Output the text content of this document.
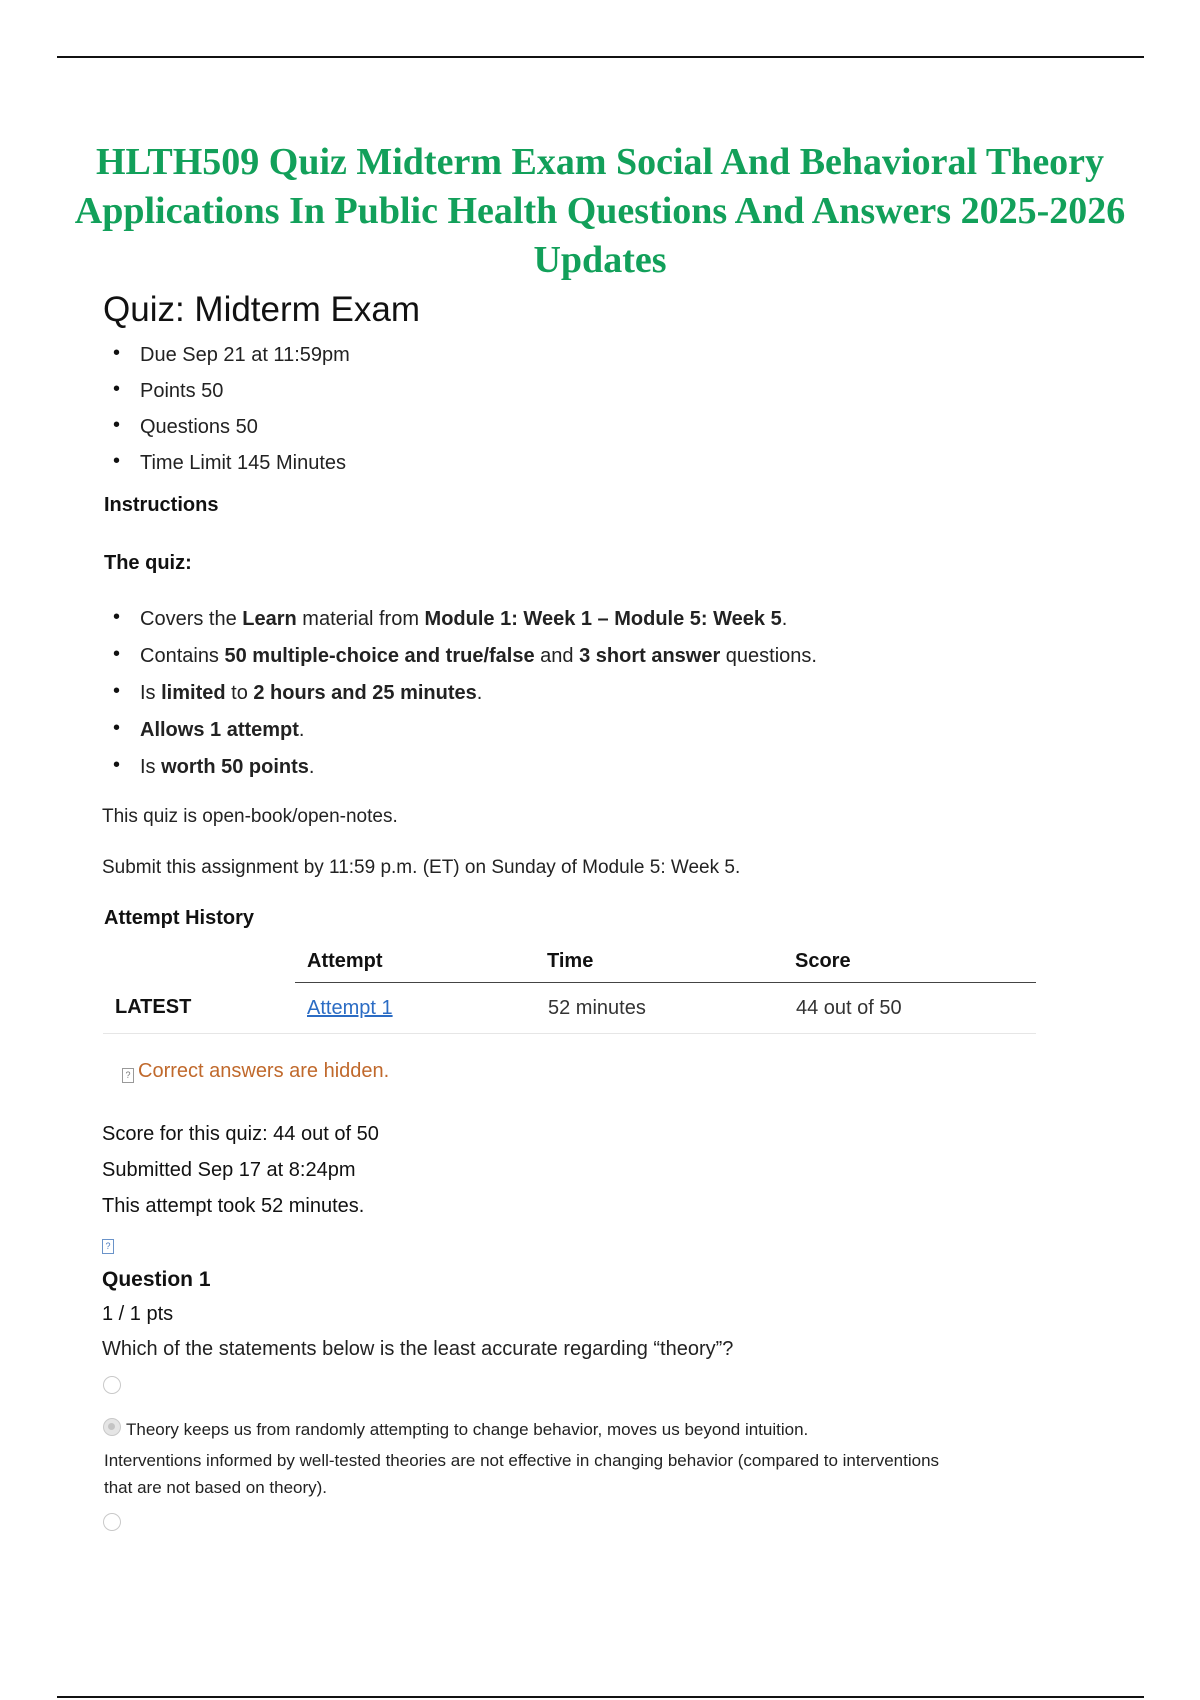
HLTH509 Quiz Midterm Exam Social And Behavioral Theory Applications In Public Health Questions And Answers 2025-2026 Updates
Quiz: Midterm Exam
• Due Sep 21 at 11:59pm
• Points 50
• Questions 50
• Time Limit 145 Minutes
Instructions
The quiz:
• Covers the Learn material from Module 1: Week 1 – Module 5: Week 5.
• Contains 50 multiple-choice and true/false and 3 short answer questions.
• Is limited to 2 hours and 25 minutes.
• Allows 1 attempt.
• Is worth 50 points.
This quiz is open-book/open-notes.
Submit this assignment by 11:59 p.m. (ET) on Sunday of Module 5: Week 5.
Attempt History
	Attempt	Time	Score
LATEST	Attempt 1	52 minutes	44 out of 50
? Correct answers are hidden.
Score for this quiz: 44 out of 50
Submitted Sep 17 at 8:24pm
This attempt took 52 minutes.
?
Question 1
1 / 1 pts
Which of the statements below is the least accurate regarding “theory”?
Theory keeps us from randomly attempting to change behavior, moves us beyond intuition.
Interventions informed by well-tested theories are not effective in changing behavior (compared to interventions that are not based on theory).
